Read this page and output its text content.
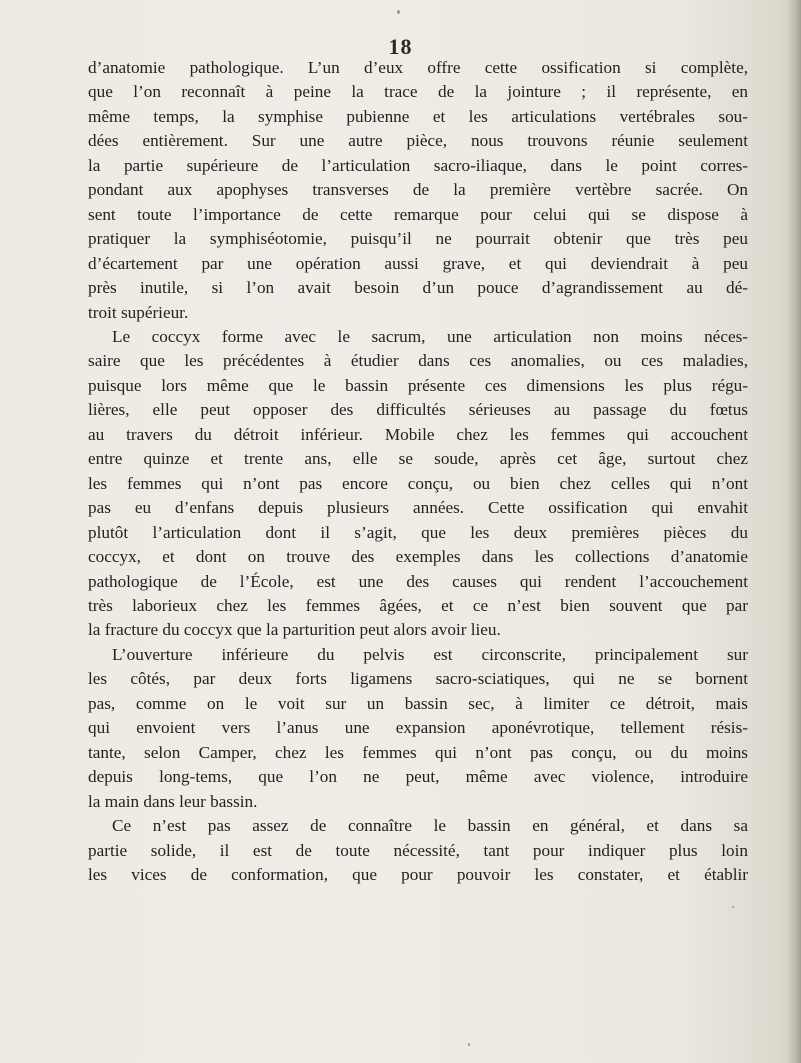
18
d’anatomie pathologique. L’un d’eux offre cette ossification si complète,
que l’on reconnaît à peine la trace de la jointure ; il représente, en
même temps, la symphise pubienne et les articulations vertébrales sou-
dées entièrement. Sur une autre pièce, nous trouvons réunie seulement
la partie supérieure de l’articulation sacro-iliaque, dans le point corres-
pondant aux apophyses transverses de la première vertèbre sacrée. On
sent toute l’importance de cette remarque pour celui qui se dispose à
pratiquer la symphiséotomie, puisqu’il ne pourrait obtenir que très peu
d’écartement par une opération aussi grave, et qui deviendrait à peu
près inutile, si l’on avait besoin d’un pouce d’agrandissement au dé-
troit supérieur.
Le coccyx forme avec le sacrum, une articulation non moins néces-
saire que les précédentes à étudier dans ces anomalies, ou ces maladies,
puisque lors même que le bassin présente ces dimensions les plus régu-
lières, elle peut opposer des difficultés sérieuses au passage du fœtus
au travers du détroit inférieur. Mobile chez les femmes qui accouchent
entre quinze et trente ans, elle se soude, après cet âge, surtout chez
les femmes qui n’ont pas encore conçu, ou bien chez celles qui n’ont
pas eu d’enfans depuis plusieurs années. Cette ossification qui envahit
plutôt l’articulation dont il s’agit, que les deux premières pièces du
coccyx, et dont on trouve des exemples dans les collections d’anatomie
pathologique de l’École, est une des causes qui rendent l’accouchement
très laborieux chez les femmes âgées, et ce n’est bien souvent que par
la fracture du coccyx que la parturition peut alors avoir lieu.
L’ouverture inférieure du pelvis est circonscrite, principalement sur
les côtés, par deux forts ligamens sacro-sciatiques, qui ne se bornent
pas, comme on le voit sur un bassin sec, à limiter ce détroit, mais
qui envoient vers l’anus une expansion aponévrotique, tellement résis-
tante, selon Camper, chez les femmes qui n’ont pas conçu, ou du moins
depuis long-tems, que l’on ne peut, même avec violence, introduire
la main dans leur bassin.
Ce n’est pas assez de connaître le bassin en général, et dans sa
partie solide, il est de toute nécessité, tant pour indiquer plus loin
les vices de conformation, que pour pouvoir les constater, et établir
